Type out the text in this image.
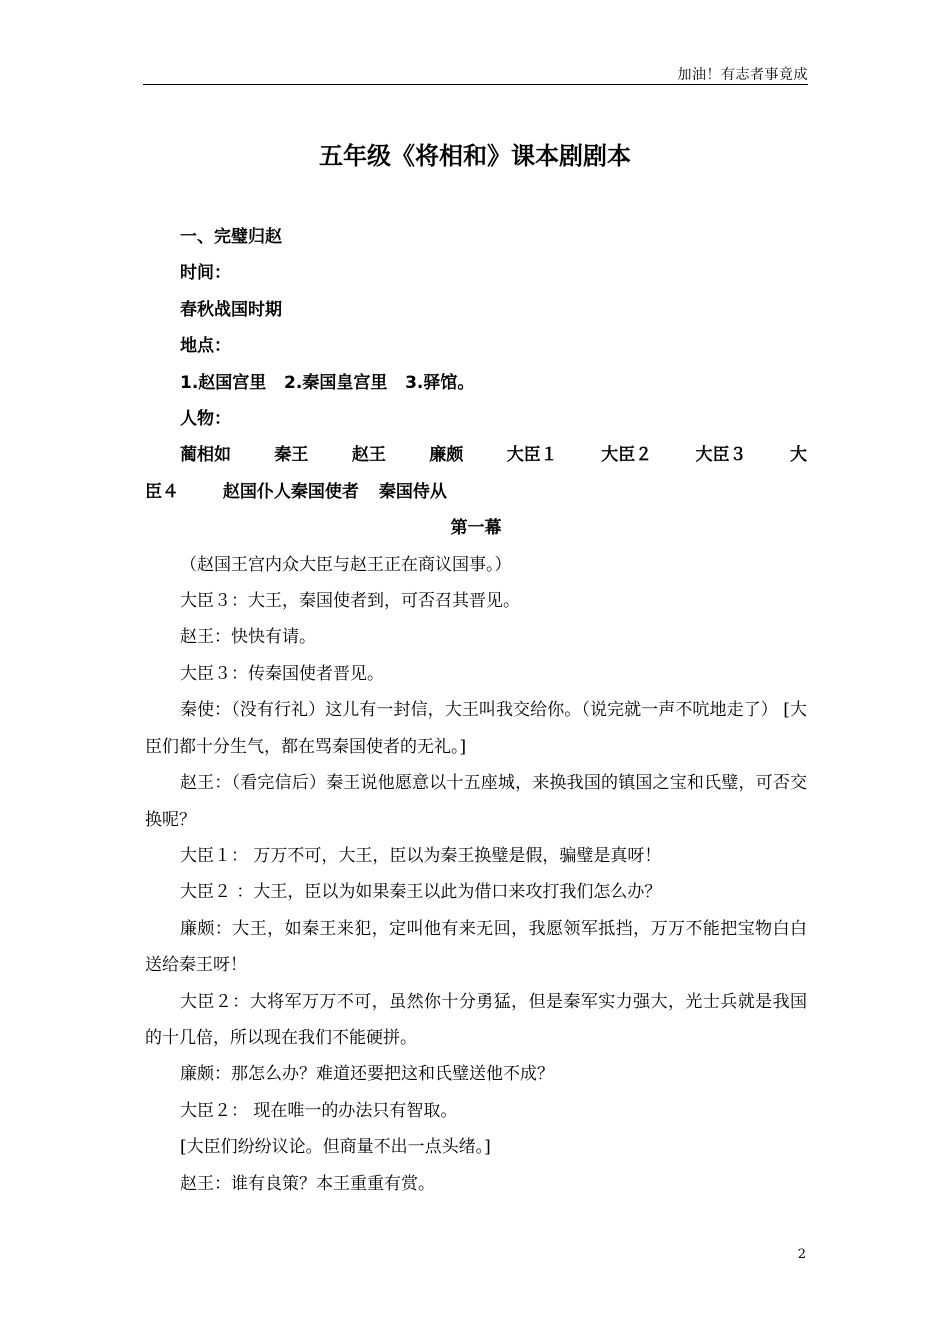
加油！有志者事竟成
五年级《将相和》课本剧剧本
一、完璧归赵
时间：
春秋战国时期
地点：
1.赵国宫里   2.秦国皇宫里   3.驿馆。
人物：
蔺相如	秦王	赵王	廉颇	大臣１	大臣２	大臣３	大
臣４	赵国仆人秦国使者 秦国侍从
第一幕
（赵国王宫内众大臣与赵王正在商议国事。）
大臣３：大王，秦国使者到，可否召其晋见。
赵王：快快有请。
大臣３：传秦国使者晋见。
秦使：（没有行礼）这儿有一封信，大王叫我交给你。（说完就一声不吭地走了） [大臣们都十分生气，都在骂秦国使者的无礼。]
赵王：（看完信后）秦王说他愿意以十五座城，来换我国的镇国之宝和氏璧，可否交换呢？
大臣１： 万万不可，大王，臣以为秦王换璧是假，骗璧是真呀！
大臣２ ：大王，臣以为如果秦王以此为借口来攻打我们怎么办？
廉颇：大王，如秦王来犯，定叫他有来无回，我愿领军抵挡，万万不能把宝物白白送给秦王呀！
大臣２：大将军万万不可，虽然你十分勇猛，但是秦军实力强大，光士兵就是我国的十几倍，所以现在我们不能硬拼。
廉颇：那怎么办？难道还要把这和氏璧送他不成？
大臣２： 现在唯一的办法只有智取。
[大臣们纷纷议论。但商量不出一点头绪。]
赵王：谁有良策？本王重重有赏。
2
